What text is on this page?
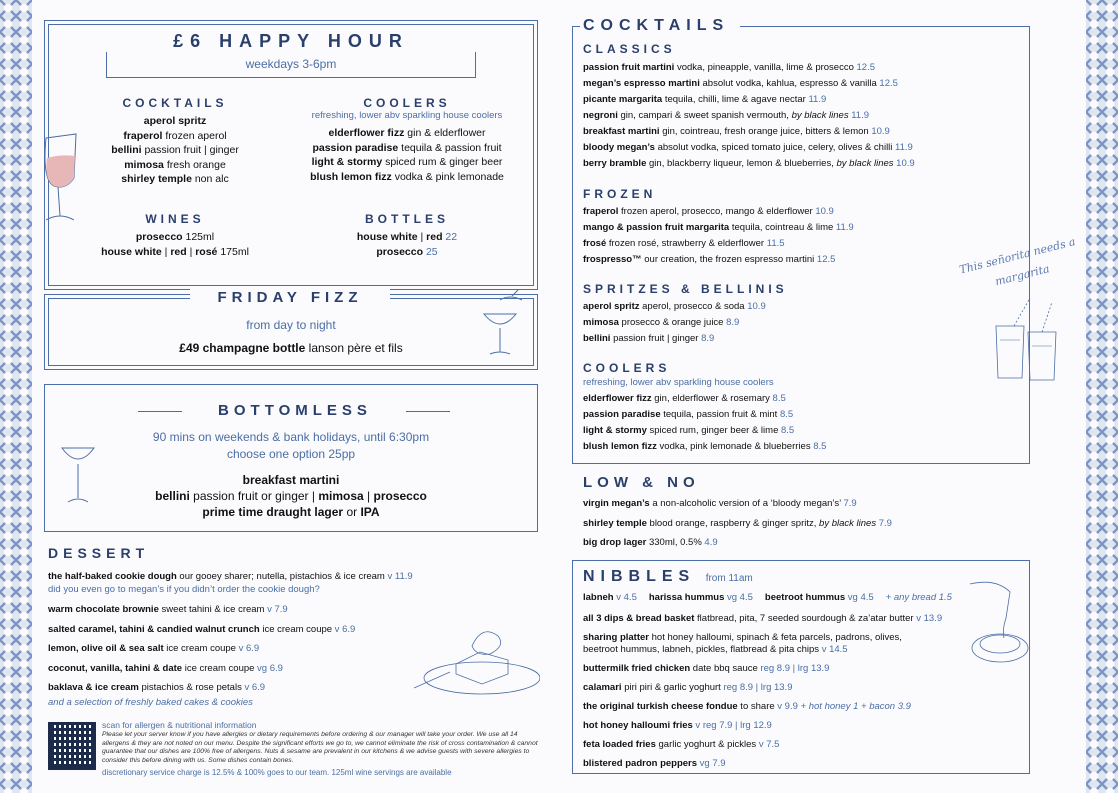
£6 HAPPY HOUR
weekdays 3-6pm
COCKTAILS
aperol spritz
fraperol frozen aperol
bellini passion fruit | ginger
mimosa fresh orange
shirley temple non alc
COOLERS
refreshing, lower abv sparkling house coolers
elderflower fizz gin & elderflower
passion paradise tequila & passion fruit
light & stormy spiced rum & ginger beer
blush lemon fizz vodka & pink lemonade
WINES
prosecco 125ml
house white | red | rosé 175ml
BOTTLES
house white | red 22
prosecco 25
FRIDAY FIZZ
from day to night
£49 champagne bottle lanson père et fils
BOTTOMLESS
90 mins on weekends & bank holidays, until 6:30pm
choose one option 25pp
breakfast martini
bellini passion fruit or ginger | mimosa | prosecco
prime time draught lager or IPA
DESSERT
the half-baked cookie dough our gooey sharer; nutella, pistachios & ice cream v 11.9
did you even go to megan’s if you didn’t order the cookie dough?
warm chocolate brownie sweet tahini & ice cream v 7.9
salted caramel, tahini & candied walnut crunch ice cream coupe v 6.9
lemon, olive oil & sea salt ice cream coupe v 6.9
coconut, vanilla, tahini & date ice cream coupe vg 6.9
baklava & ice cream pistachios & rose petals v 6.9
and a selection of freshly baked cakes & cookies
scan for allergen & nutritional information
Please let your server know if you have allergies or dietary requirements before ordering & our manager will take your order. We use all 14 allergens & they are not noted on our menu. Despite the significant efforts we go to, we cannot eliminate the risk of cross contamination & cannot guarantee that our dishes are 100% free of allergens. Nuts & sesame are prevalent in our kitchens & we advise guests with severe allergies to consider this before dining with us. Some dishes contain bones.
discretionary service charge is 12.5% & 100% goes to our team. 125ml wine servings are available
COCKTAILS
CLASSICS
passion fruit martini vodka, pineapple, vanilla, lime & prosecco 12.5
megan’s espresso martini absolut vodka, kahlua, espresso & vanilla 12.5
picante margarita tequila, chilli, lime & agave nectar 11.9
negroni gin, campari & sweet spanish vermouth, by black lines 11.9
breakfast martini gin, cointreau, fresh orange juice, bitters & lemon 10.9
bloody megan’s absolut vodka, spiced tomato juice, celery, olives & chilli 11.9
berry bramble gin, blackberry liqueur, lemon & blueberries, by black lines 10.9
FROZEN
fraperol frozen aperol, prosecco, mango & elderflower 10.9
mango & passion fruit margarita tequila, cointreau & lime 11.9
frosé frozen rosé, strawberry & elderflower 11.5
frospresso™ our creation, the frozen espresso martini 12.5
SPRITZES & BELLINIS
aperol spritz aperol, prosecco & soda 10.9
mimosa prosecco & orange juice 8.9
bellini passion fruit | ginger 8.9
COOLERS
refreshing, lower abv sparkling house coolers
elderflower fizz gin, elderflower & rosemary 8.5
passion paradise tequila, passion fruit & mint 8.5
light & stormy spiced rum, ginger beer & lime 8.5
blush lemon fizz vodka, pink lemonade & blueberries 8.5
This señorita needs a margarita
LOW & NO
virgin megan’s a non-alcoholic version of a ‘bloody megan’s’ 7.9
shirley temple blood orange, raspberry & ginger spritz, by black lines 7.9
big drop lager 330ml, 0.5% 4.9
NIBBLES from 11am
labneh v 4.5 harissa hummus vg 4.5 beetroot hummus vg 4.5 + any bread 1.5
all 3 dips & bread basket flatbread, pita, 7 seeded sourdough & za’atar butter v 13.9
sharing platter hot honey halloumi, spinach & feta parcels, padrons, olives,
beetroot hummus, labneh, pickles, flatbread & pita chips v 14.5
buttermilk fried chicken date bbq sauce reg 8.9 | lrg 13.9
calamari piri piri & garlic yoghurt reg 8.9 | lrg 13.9
the original turkish cheese fondue to share v 9.9 + hot honey 1 + bacon 3.9
hot honey halloumi fries v reg 7.9 | lrg 12.9
feta loaded fries garlic yoghurt & pickles v 7.5
blistered padron peppers vg 7.9
